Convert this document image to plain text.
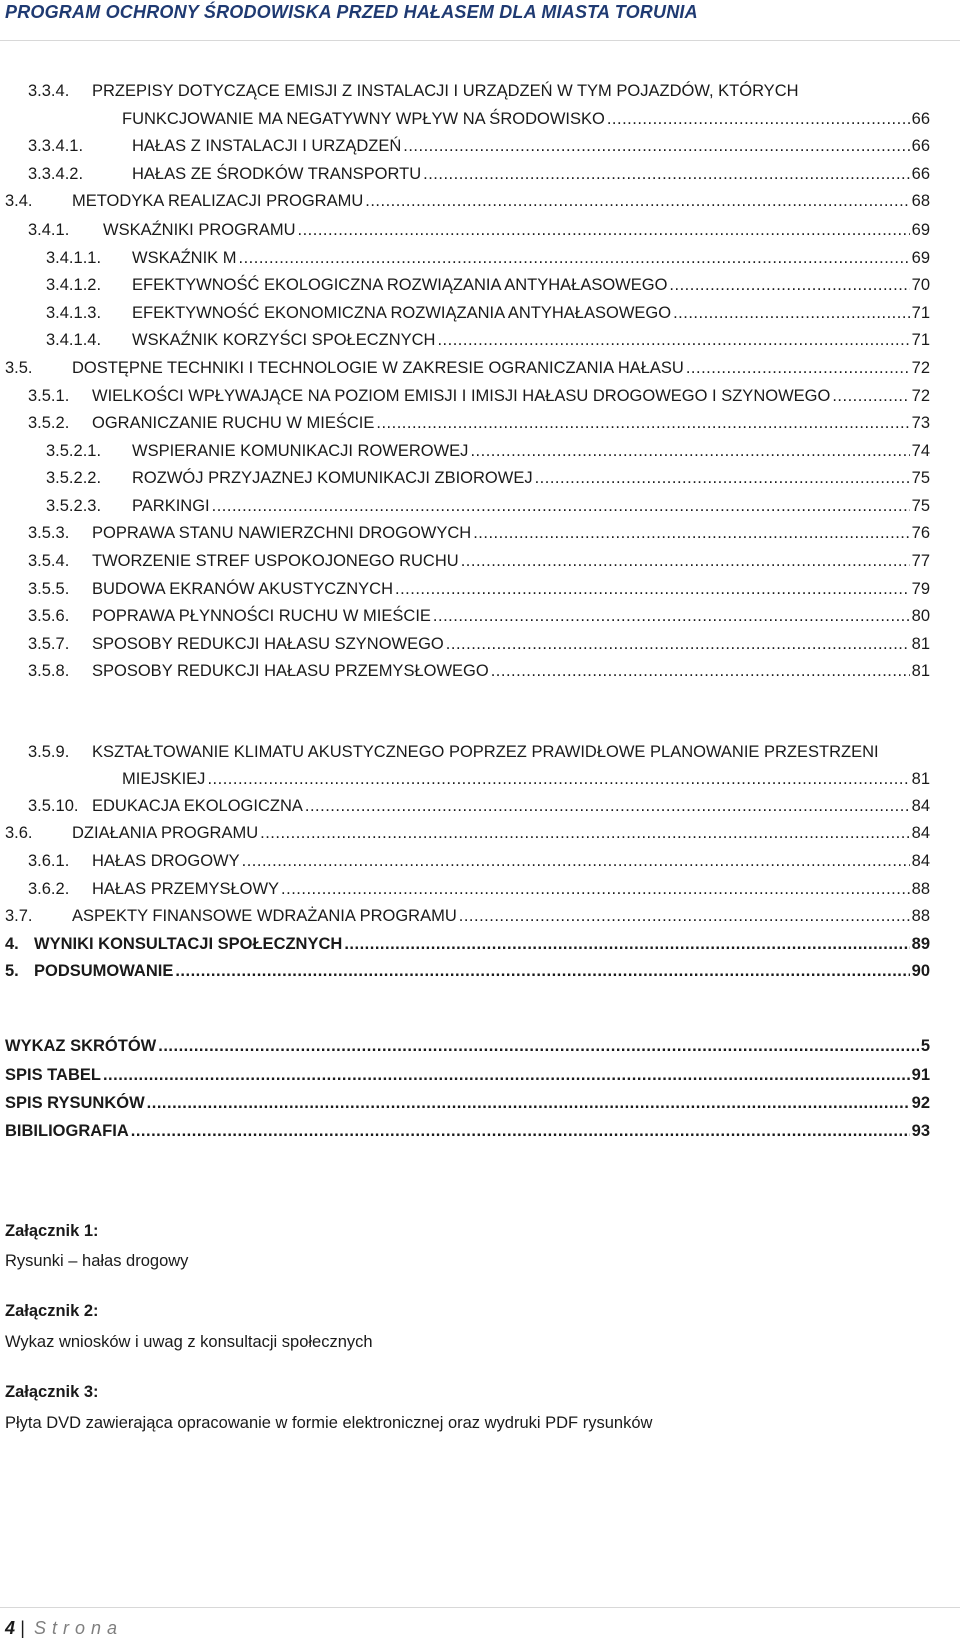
PROGRAM OCHRONY ŚRODOWISKA PRZED HAŁASEM DLA MIASTA TORUNIA
3.3.4. PRZEPISY DOTYCZĄCE EMISJI Z INSTALACJI I URZĄDZEŃ W TYM POJAZDÓW, KTÓRYCH
FUNKCJOWANIE MA NEGATYWNY WPŁYW NA ŚRODOWISKO .....	66
3.3.4.1.	HAŁAS Z INSTALACJI I URZĄDZEŃ .....	66
3.3.4.2.	HAŁAS ZE ŚRODKÓW TRANSPORTU .....	66
3.4.	METODYKA REALIZACJI PROGRAMU .....	68
3.4.1.	WSKAŹNIKI PROGRAMU .....	69
3.4.1.1.	WSKAŹNIK M .....	69
3.4.1.2.	EFEKTYWNOŚĆ EKOLOGICZNA ROZWIĄZANIA ANTYHAŁASOWEGO .....	70
3.4.1.3.	EFEKTYWNOŚĆ EKONOMICZNA ROZWIĄZANIA ANTYHAŁASOWEGO .....	71
3.4.1.4.	WSKAŹNIK KORZYŚCI SPOŁECZNYCH .....	71
3.5.	DOSTĘPNE TECHNIKI I TECHNOLOGIE W ZAKRESIE OGRANICZANIA HAŁASU .....	72
3.5.1.	WIELKOŚCI WPŁYWAJĄCE NA POZIOM EMISJI I IMISJI HAŁASU DROGOWEGO I SZYNOWEGO .....	72
3.5.2.	OGRANICZANIE RUCHU W MIEŚCIE .....	73
3.5.2.1.	WSPIERANIE KOMUNIKACJI ROWEROWEJ .....	74
3.5.2.2.	ROZWÓJ PRZYJAZNEJ KOMUNIKACJI ZBIOROWEJ .....	75
3.5.2.3.	PARKINGI .....	75
3.5.3.	POPRAWA STANU NAWIERZCHNI DROGOWYCH .....	76
3.5.4.	TWORZENIE STREF USPOKOJONEGO RUCHU .....	77
3.5.5.	BUDOWA EKRANÓW AKUSTYCZNYCH .....	79
3.5.6.	POPRAWA PŁYNNOŚCI RUCHU W MIEŚCIE .....	80
3.5.7.	SPOSOBY REDUKCJI HAŁASU SZYNOWEGO .....	81
3.5.8.	SPOSOBY REDUKCJI HAŁASU PRZEMYSŁOWEGO .....	81
3.5.9. KSZTAŁTOWANIE KLIMATU AKUSTYCZNEGO POPRZEZ PRAWIDŁOWE PLANOWANIE PRZESTRZENI
MIEJSKIEJ .....	81
3.5.10. EDUKACJA EKOLOGICZNA .....	84
3.6.	DZIAŁANIA PROGRAMU .....	84
3.6.1.	HAŁAS DROGOWY .....	84
3.6.2.	HAŁAS PRZEMYSŁOWY .....	88
3.7.	ASPEKTY FINANSOWE WDRAŻANIA PROGRAMU .....	88
4. WYNIKI KONSULTACJI SPOŁECZNYCH .....	89
5. PODSUMOWANIE .....	90
WYKAZ SKRÓTÓW .....	5
SPIS TABEL .....	91
SPIS RYSUNKÓW .....	92
BIBILIOGRAFIA .....	93
Załącznik 1:
Rysunki – hałas drogowy
Załącznik 2:
Wykaz wniosków i uwag z konsultacji społecznych
Załącznik 3:
Płyta DVD zawierająca opracowanie w formie elektronicznej oraz wydruki PDF rysunków
4 | Strona
